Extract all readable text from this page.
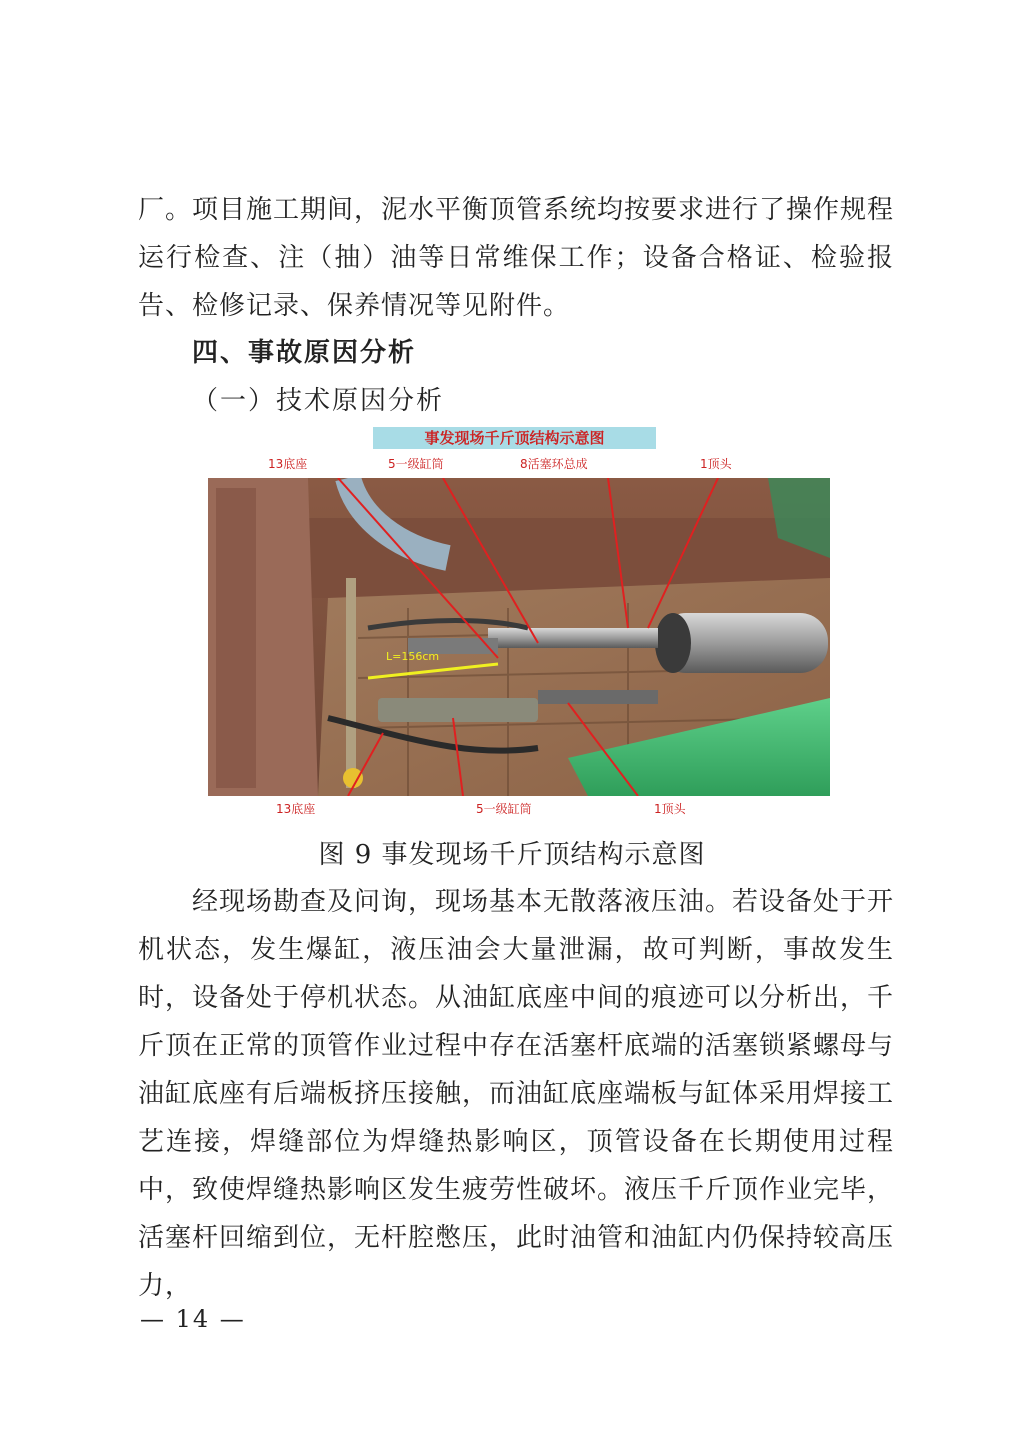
厂。项目施工期间，泥水平衡顶管系统均按要求进行了操作规程运行检查、注（抽）油等日常维保工作；设备合格证、检验报告、检修记录、保养情况等见附件。

四、事故原因分析

（一）技术原因分析

事发现场千斤顶结构示意图
13底座	5一级缸筒	8活塞环总成	1顶头
L=156cm
13底座	5一级缸筒	1顶头

图 9 事发现场千斤顶结构示意图

经现场勘查及问询，现场基本无散落液压油。若设备处于开机状态，发生爆缸，液压油会大量泄漏，故可判断，事故发生时，设备处于停机状态。从油缸底座中间的痕迹可以分析出，千斤顶在正常的顶管作业过程中存在活塞杆底端的活塞锁紧螺母与油缸底座有后端板挤压接触，而油缸底座端板与缸体采用焊接工艺连接，焊缝部位为焊缝热影响区，顶管设备在长期使用过程中，致使焊缝热影响区发生疲劳性破坏。液压千斤顶作业完毕，活塞杆回缩到位，无杆腔憋压，此时油管和油缸内仍保持较高压力，

— 14 —
